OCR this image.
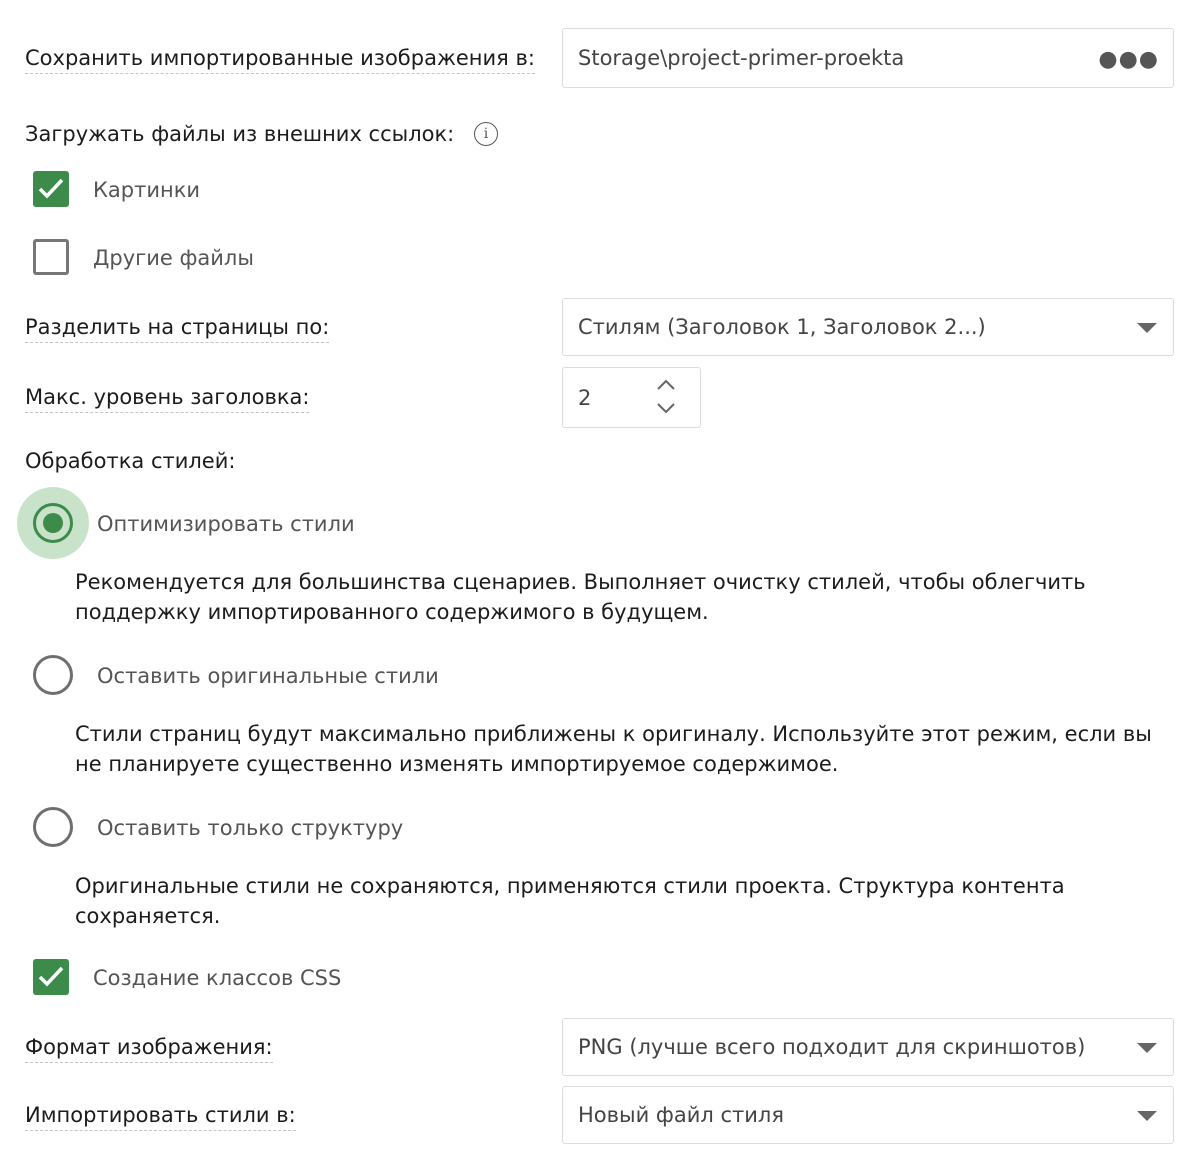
Сохранить импортированные изображения в: Storage\project-primer-proekta	●●●
Загружать файлы из внешних ссылок:	i
Картинки
Другие файлы
Разделить на страницы по:	Стилям (Заголовок 1, Заголовок 2...)
Макс. уровень заголовка:	2
Обработка стилей:
Оптимизировать стили
Рекомендуется для большинства сценариев. Выполняет очистку стилей, чтобы облегчить поддержку импортированного содержимого в будущем.
Оставить оригинальные стили
Стили страниц будут максимально приближены к оригиналу. Используйте этот режим, если вы не планируете существенно изменять импортируемое содержимое.
Оставить только структуру
Оригинальные стили не сохраняются, применяются стили проекта. Структура контента сохраняется.
Создание классов CSS
Формат изображения:	PNG (лучше всего подходит для скриншотов)
Импортировать стили в:	Новый файл стиля
